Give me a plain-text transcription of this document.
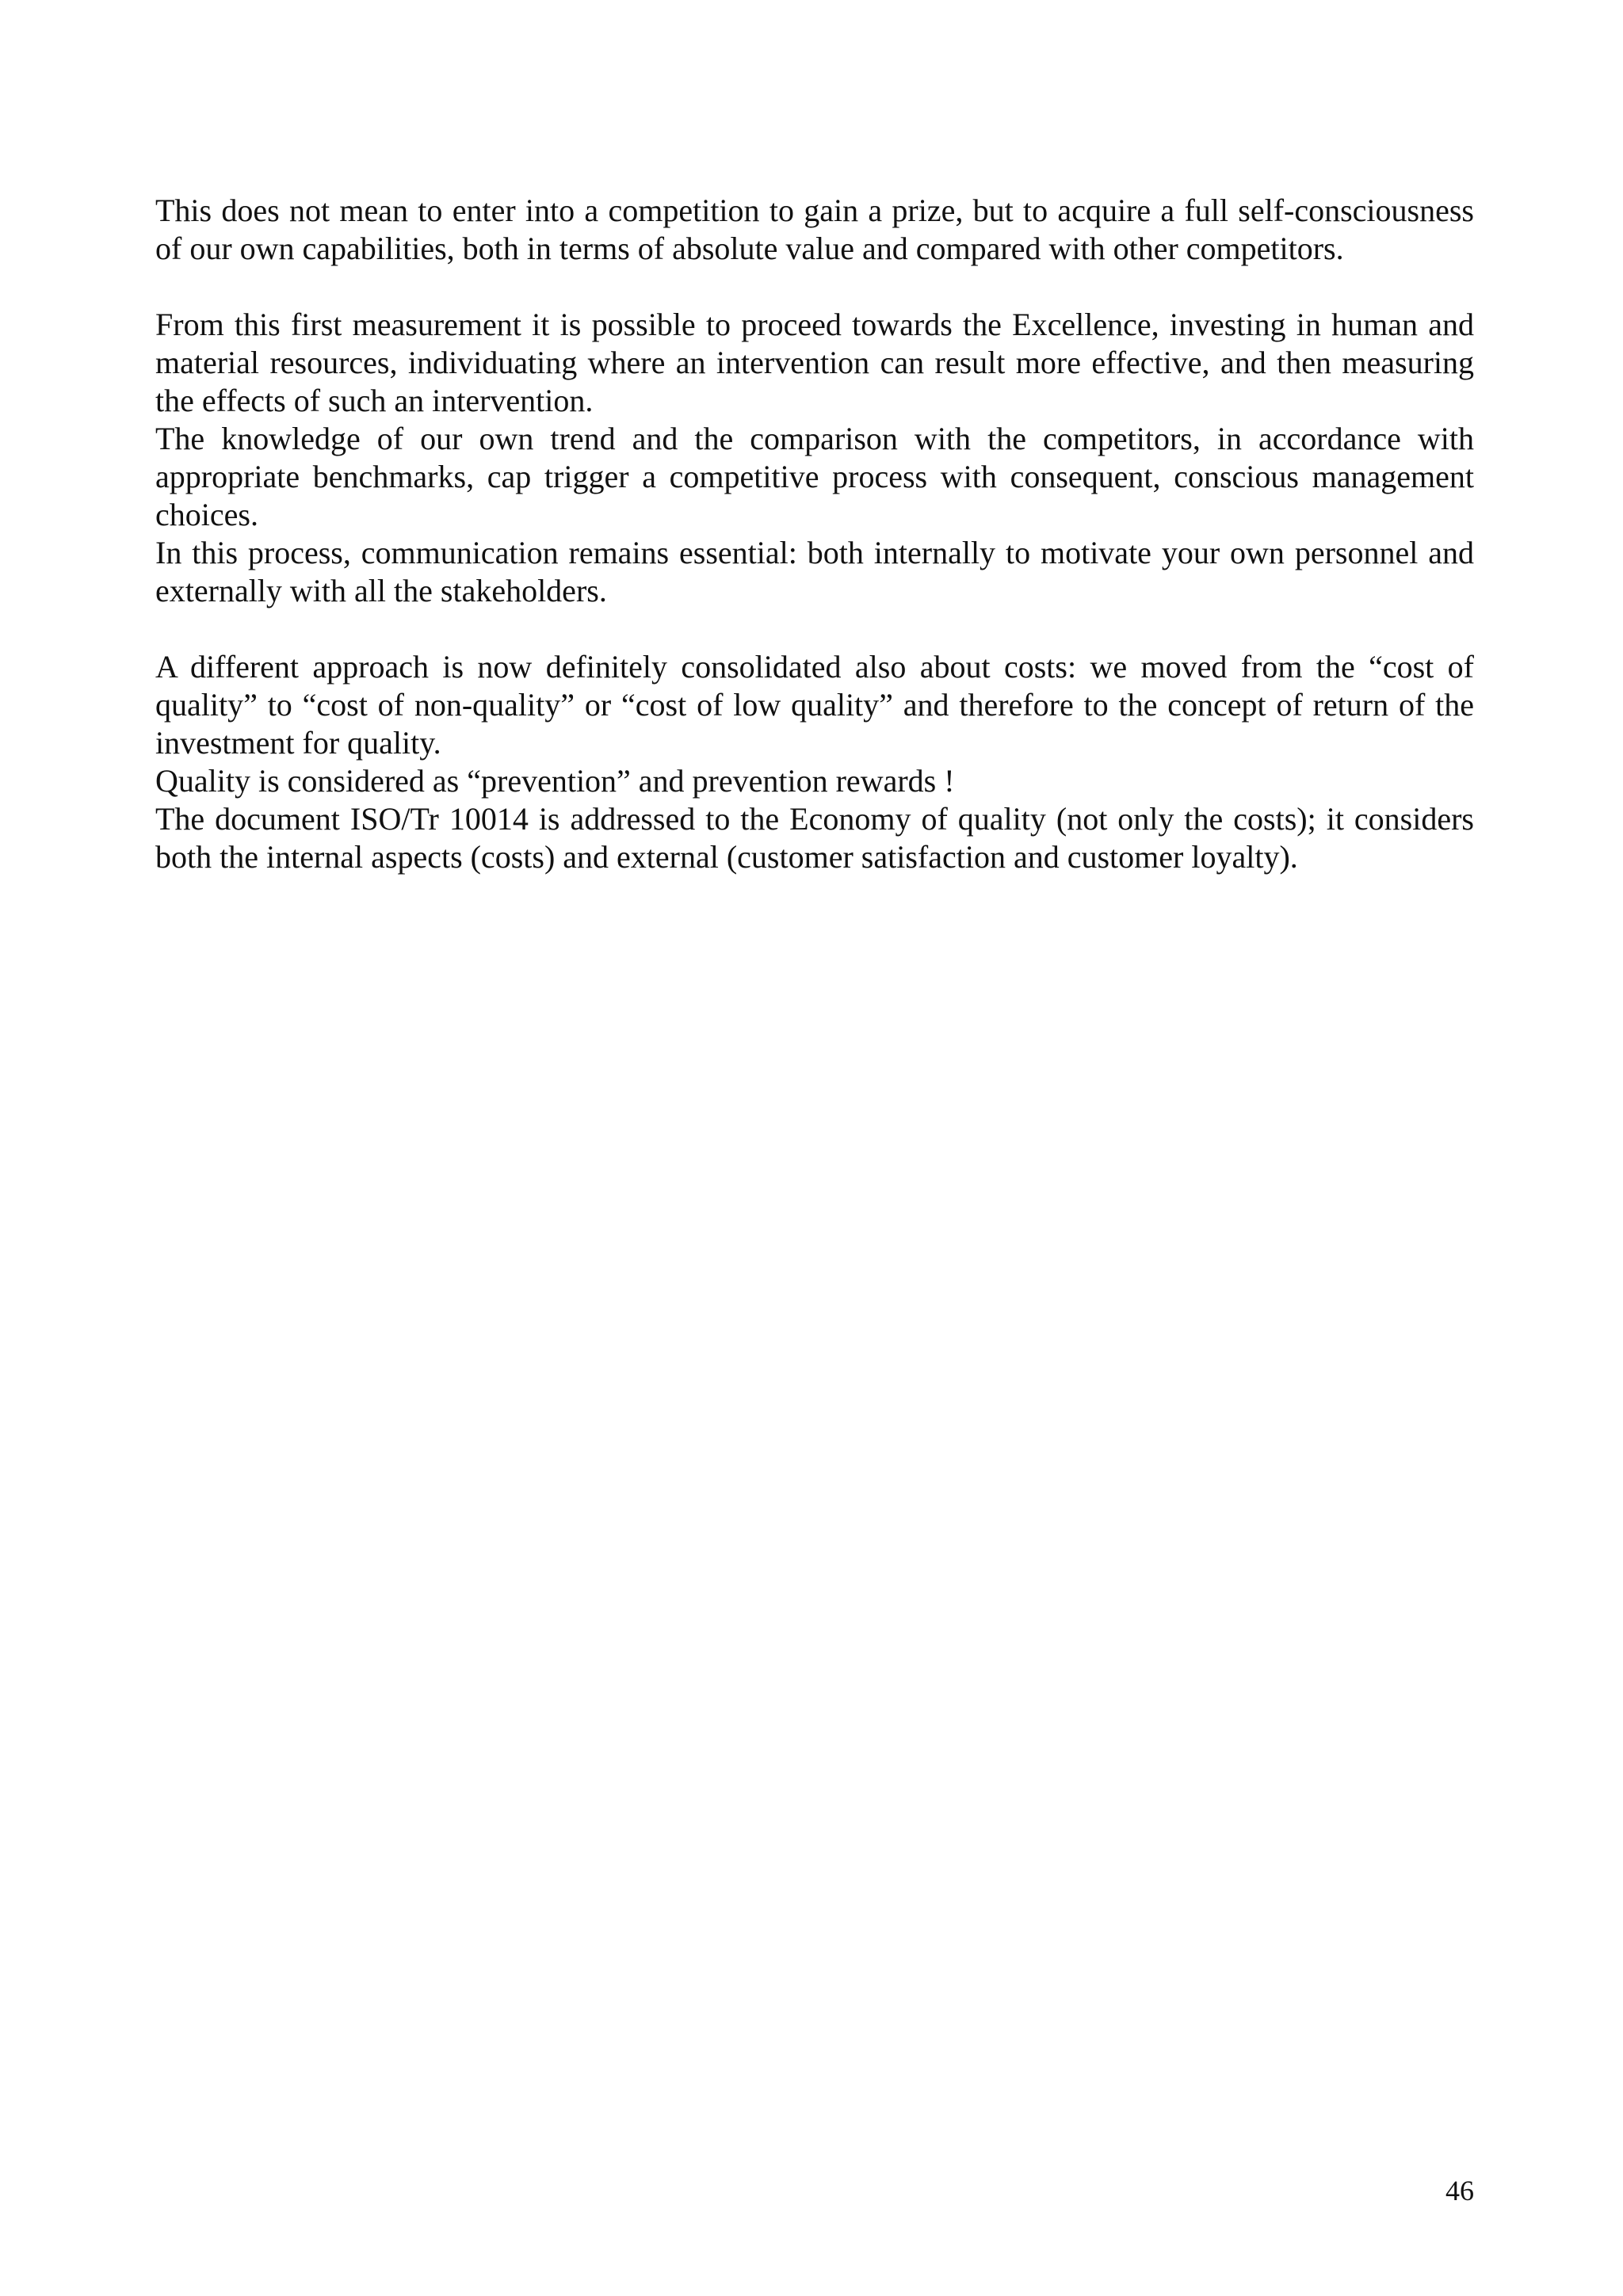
This does not mean to enter into a competition to gain a prize, but to acquire a full self-consciousness of our own capabilities, both in terms of absolute value and compared with other competitors.

From this first measurement it is possible to proceed towards the Excellence, investing in human and material resources, individuating where an intervention can result more effective, and then measuring the effects of such an intervention.

The knowledge of our own trend and the comparison with the competitors, in accordance with appropriate benchmarks, cap trigger a competitive process with consequent, conscious management choices.

In this process, communication remains essential: both internally to motivate your own personnel and externally with all the stakeholders.

A different approach is now definitely consolidated also about costs: we moved from the “cost of quality” to “cost of non-quality” or “cost of low quality” and therefore to the concept of return of the investment for quality.

Quality is considered as “prevention” and prevention rewards !

The document ISO/Tr 10014 is addressed to the Economy of quality (not only the costs); it considers both the internal aspects (costs) and external (customer satisfaction and customer loyalty).

46
